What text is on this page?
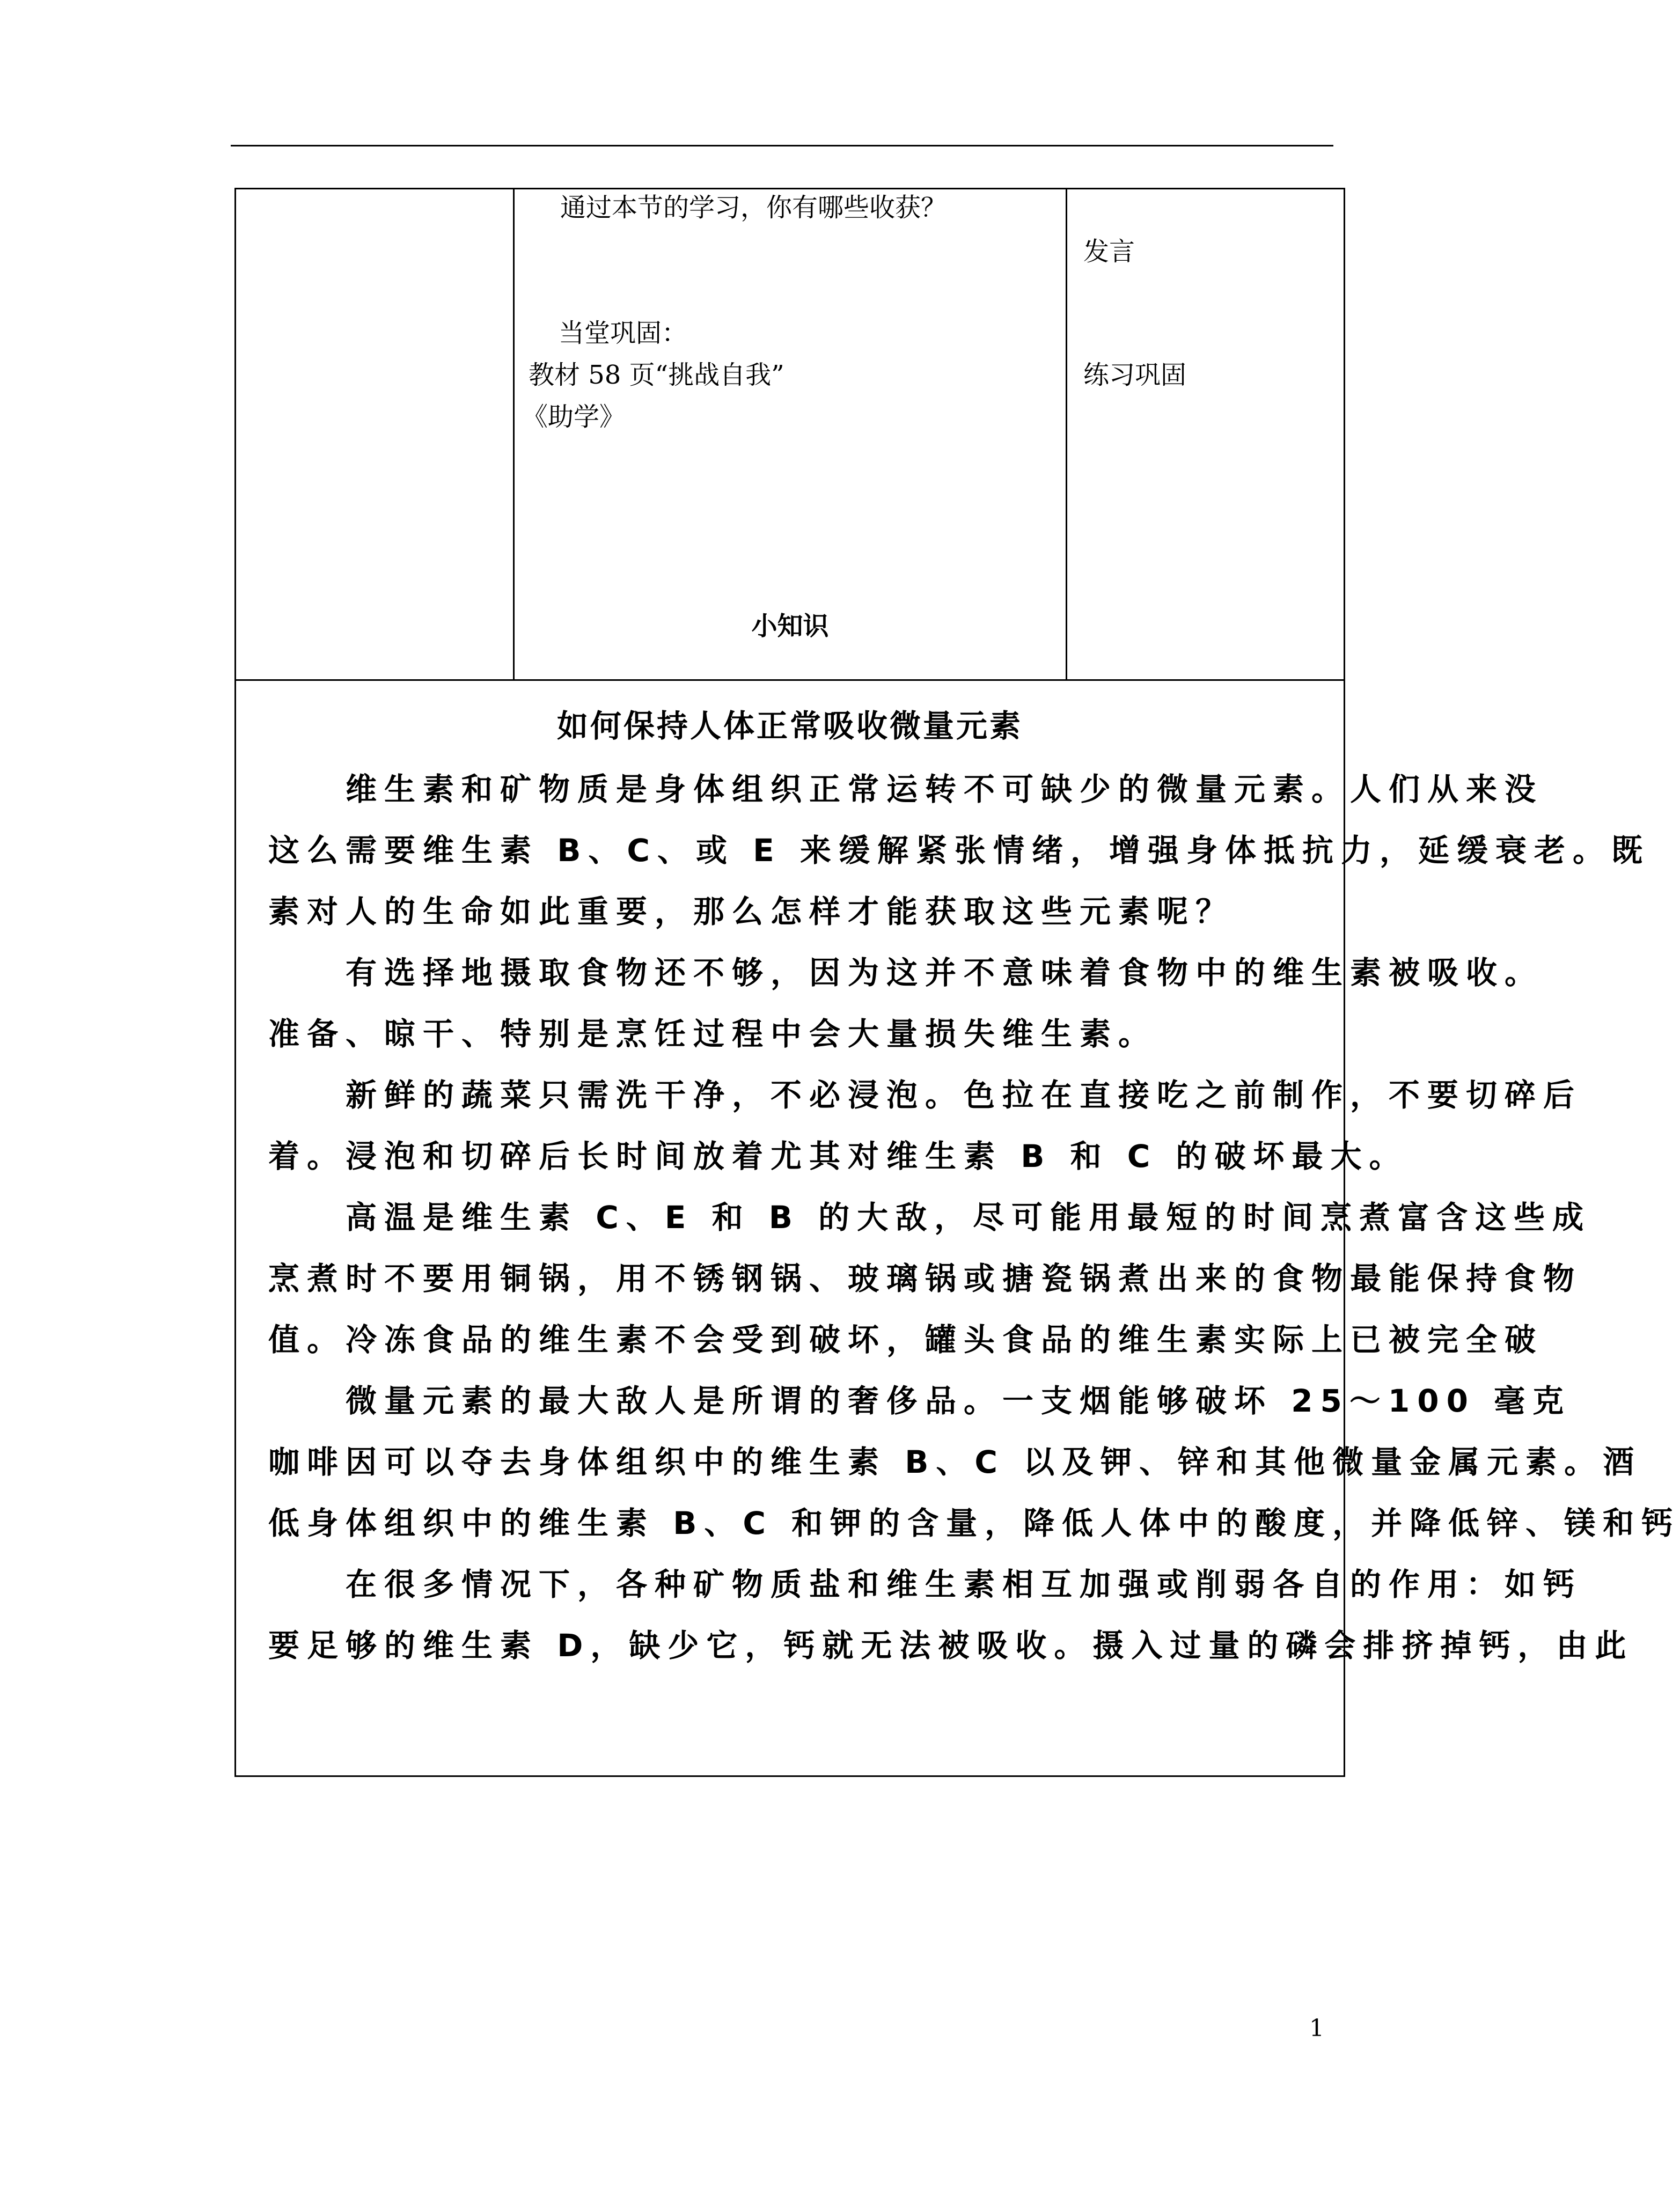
通过本节的学习，你有哪些收获？
当堂巩固：
教材 58 页“挑战自我”
《助学》
小知识
发言
练习巩固
如何保持人体正常吸收微量元素
　　维生素和矿物质是身体组织正常运转不可缺少的微量元素。人们从来没
这么需要维生素 B、C、或 E 来缓解紧张情绪，增强身体抵抗力，延缓衰老。既
素对人的生命如此重要，那么怎样才能获取这些元素呢？
　　有选择地摄取食物还不够，因为这并不意味着食物中的维生素被吸收。
准备、晾干、特别是烹饪过程中会大量损失维生素。
　　新鲜的蔬菜只需洗干净，不必浸泡。色拉在直接吃之前制作，不要切碎后
着。浸泡和切碎后长时间放着尤其对维生素 B 和 C 的破坏最大。
　　高温是维生素 C、E 和 B 的大敌，尽可能用最短的时间烹煮富含这些成
烹煮时不要用铜锅，用不锈钢锅、玻璃锅或搪瓷锅煮出来的食物最能保持食物
值。冷冻食品的维生素不会受到破坏，罐头食品的维生素实际上已被完全破
　　微量元素的最大敌人是所谓的奢侈品。一支烟能够破坏 25～100 毫克
咖啡因可以夺去身体组织中的维生素 B、C 以及钾、锌和其他微量金属元素。酒
低身体组织中的维生素 B、C 和钾的含量，降低人体中的酸度，并降低锌、镁和钙
　　在很多情况下，各种矿物质盐和维生素相互加强或削弱各自的作用：如钙
要足够的维生素 D，缺少它，钙就无法被吸收。摄入过量的磷会排挤掉钙，由此
1
